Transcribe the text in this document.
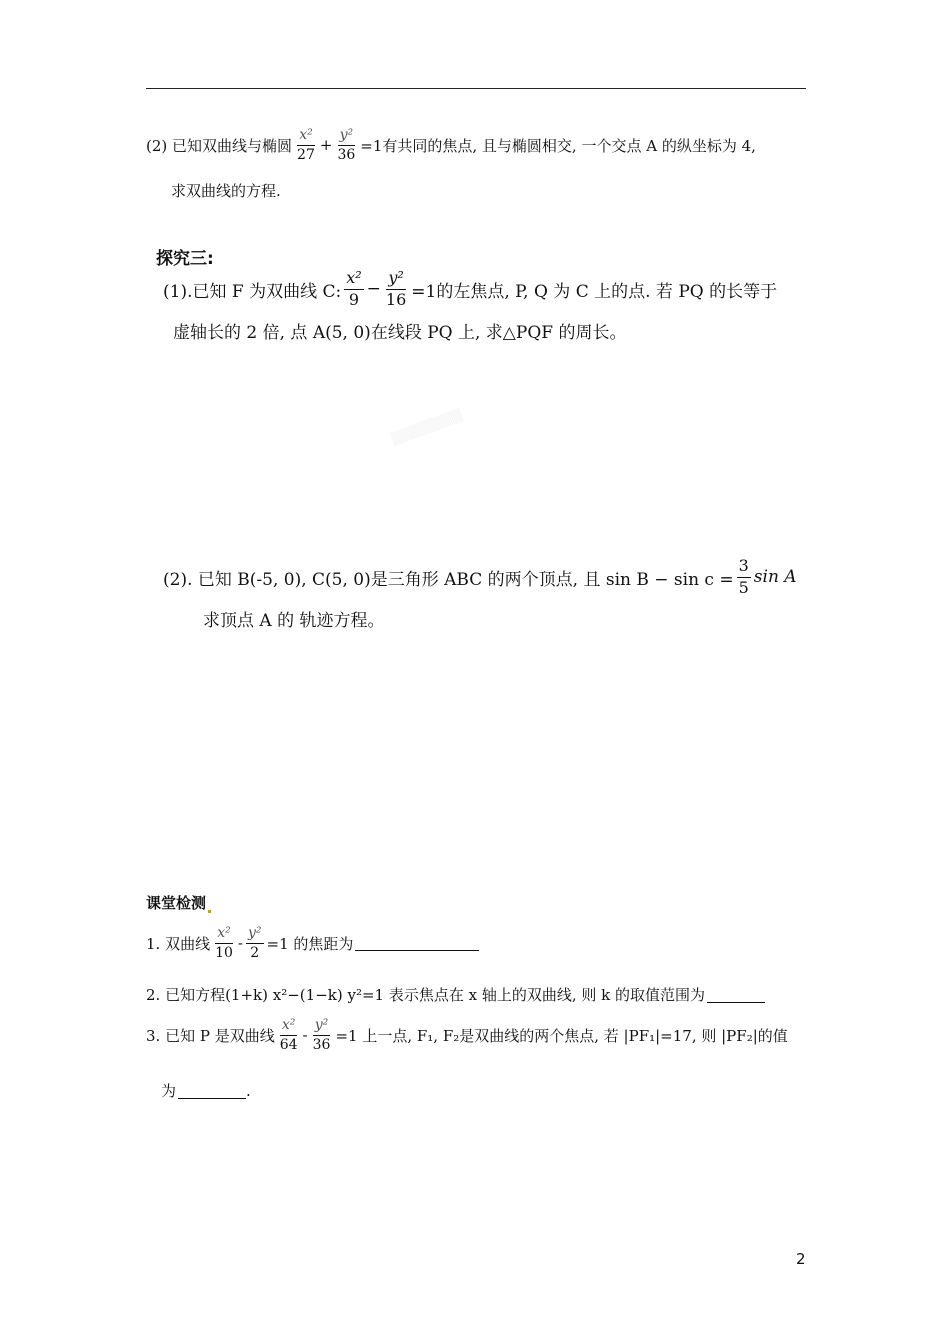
(2) 已知双曲线与椭圆 $\frac{\text{x²}}{27} + \frac{\text{y²}}{36} =1$有共同的焦点, 且与椭圆相交, 一个交点 A 的纵坐标为 4,
求双曲线的方程.
探究三:
(1).已知 F 为双曲线 C: $\frac{\text{x²}}{9} - \frac{\text{y²}}{16} =1$的左焦点, P, Q 为 C 上的点. 若 PQ 的长等于
虚轴长的 2 倍, 点 A(5, 0)在线段 PQ 上, 求△PQF 的周长。
▒▒▒▒▒▒▒▒
(2). 已知 B(-5, 0), C(5, 0)是三角形 ABC 的两个顶点, 且 $\sin B - \sin c = \frac{3}{5}$ sin A
求顶点 A 的 轨迹方程。
课堂检测
1. 双曲线 $\frac{\text{x²}}{10} - \frac{\text{y²}}{2} =1$ 的焦距为
2. 已知方程(1+k) x²−(1−k) y²=1 表示焦点在 x 轴上的双曲线, 则 k 的取值范围为
3. 已知 P 是双曲线 $\frac{\text{x²}}{64} - \frac{\text{y²}}{36} =1$ 上一点, F₁, F₂是双曲线的两个焦点, 若 |PF₁|=17, 则 |PF₂|的值
为	.
2
